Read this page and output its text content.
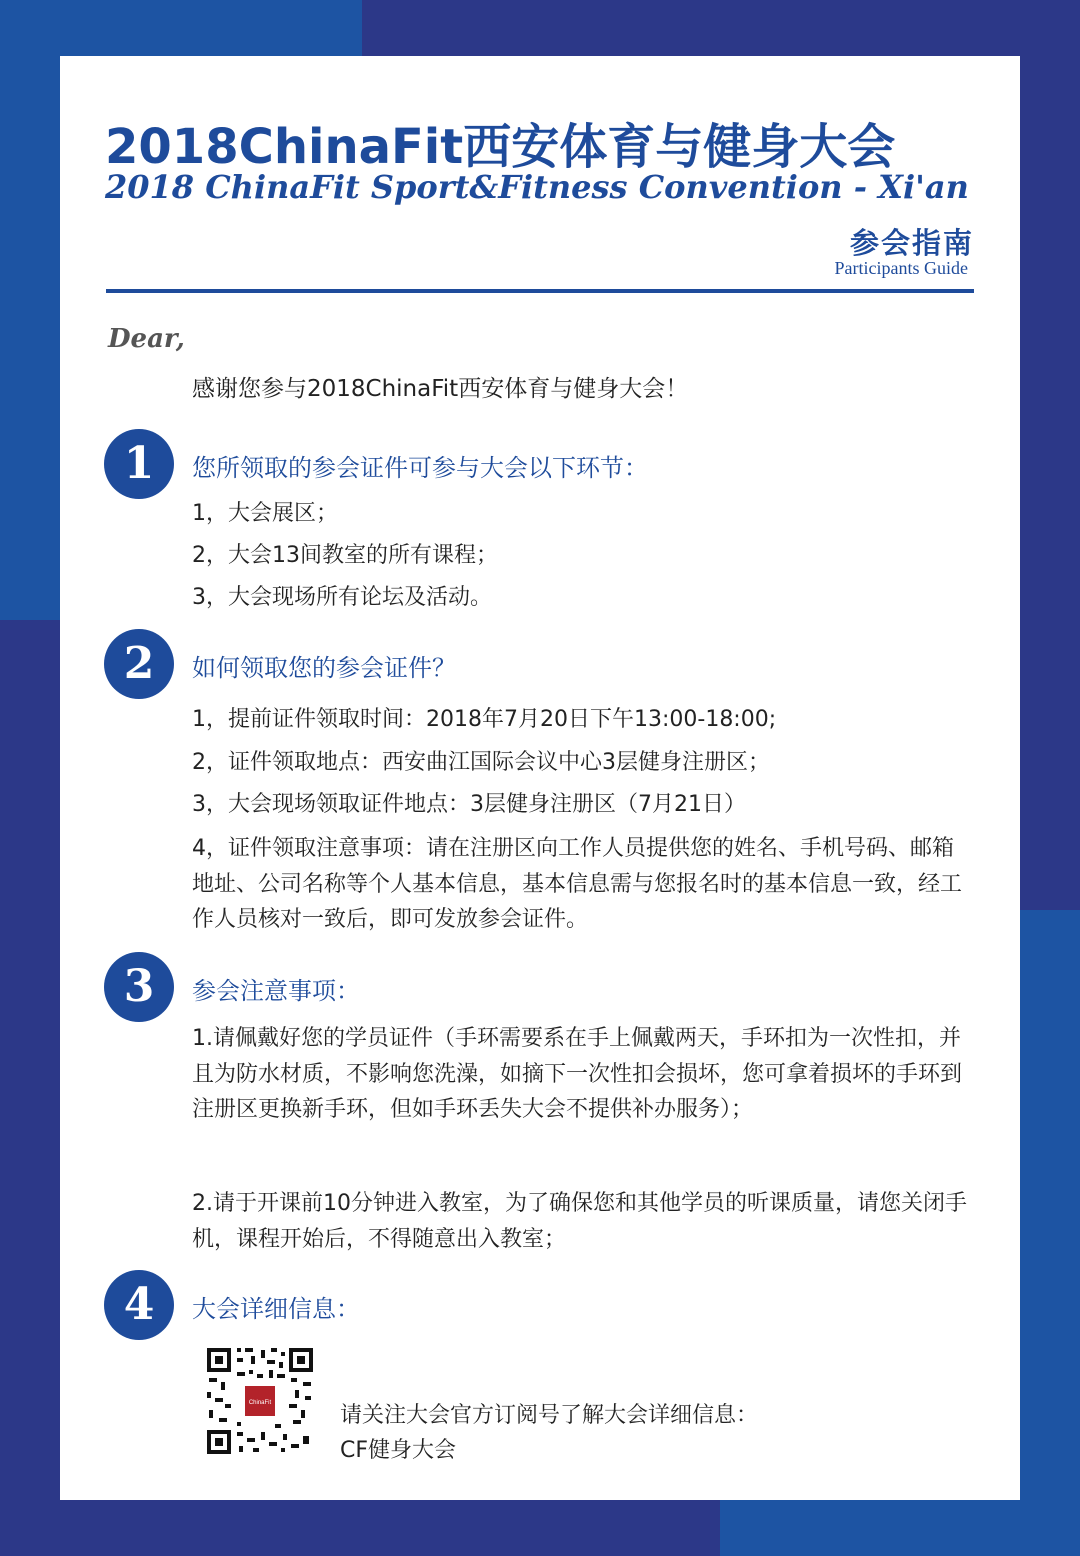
2018ChinaFit西安体育与健身大会
2018 ChinaFit Sport&Fitness Convention - Xi'an
参会指南
Participants Guide
Dear,
感谢您参与2018ChinaFit西安体育与健身大会！
1	您所领取的参会证件可参与大会以下环节：
1，大会展区；
2，大会13间教室的所有课程；
3，大会现场所有论坛及活动。
2	如何领取您的参会证件？
1，提前证件领取时间：2018年7月20日下午13:00-18:00;
2，证件领取地点：西安曲江国际会议中心3层健身注册区；
3，大会现场领取证件地点：3层健身注册区（7月21日）
4，证件领取注意事项：请在注册区向工作人员提供您的姓名、手机号码、邮箱地址、公司名称等个人基本信息，基本信息需与您报名时的基本信息一致，经工作人员核对一致后，即可发放参会证件。
3	参会注意事项：
1.请佩戴好您的学员证件（手环需要系在手上佩戴两天，手环扣为一次性扣，并且为防水材质，不影响您洗澡，如摘下一次性扣会损坏，您可拿着损坏的手环到注册区更换新手环，但如手环丢失大会不提供补办服务）；
2.请于开课前10分钟进入教室，为了确保您和其他学员的听课质量，请您关闭手机，课程开始后，不得随意出入教室；
4	大会详细信息：
ChinaFit	请关注大会官方订阅号了解大会详细信息：
CF健身大会
